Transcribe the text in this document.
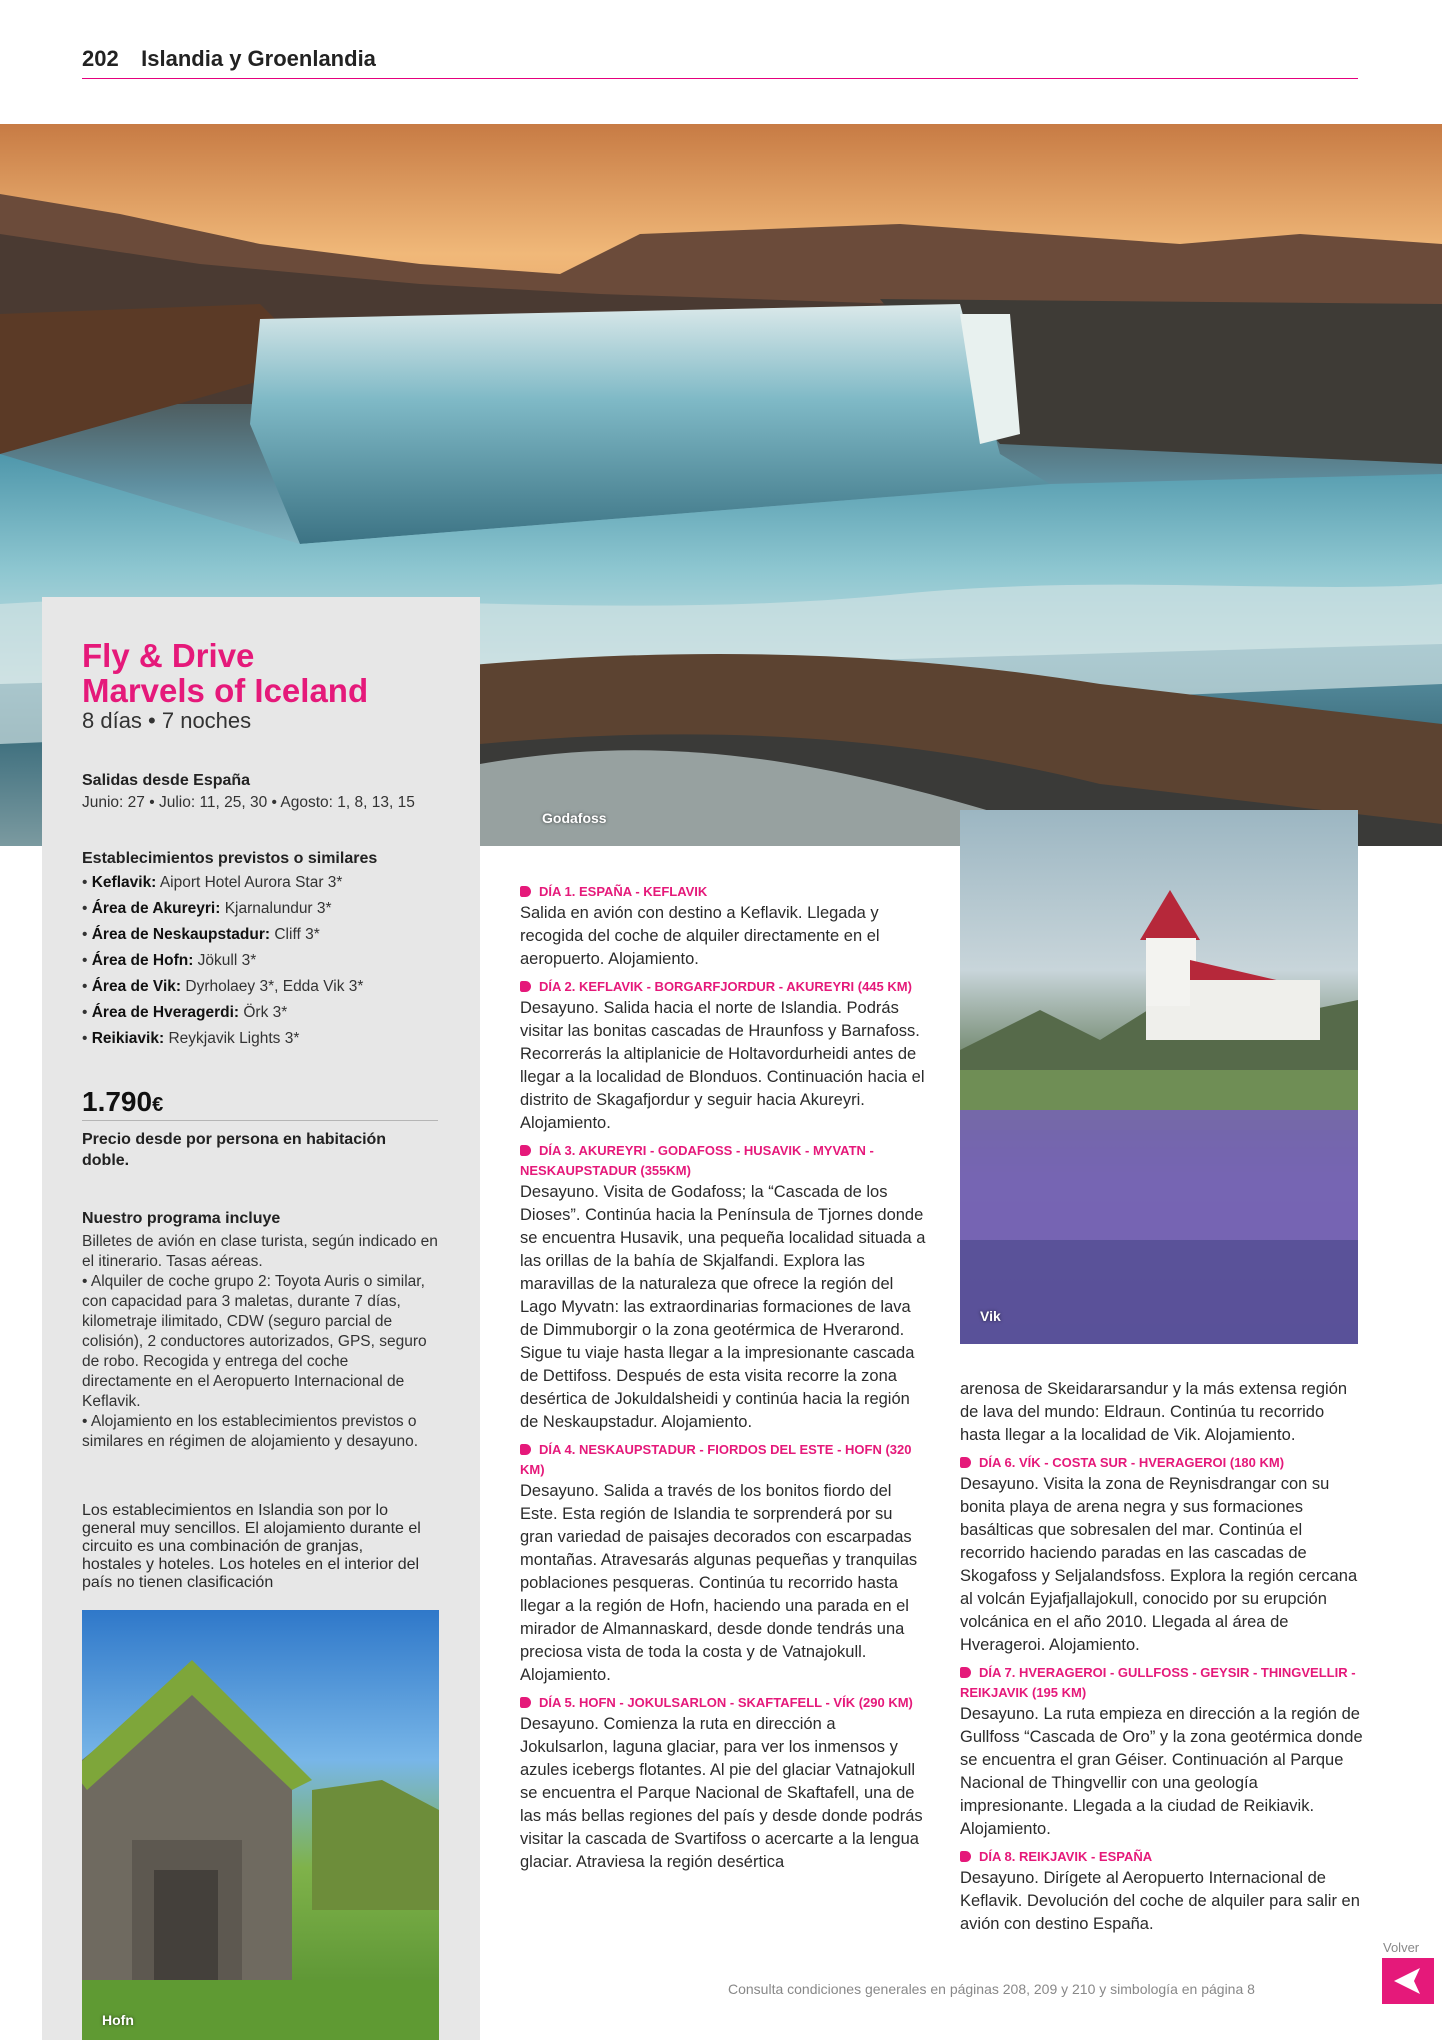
202 Islandia y Groenlandia
Godafoss
Fly & Drive
Marvels of Iceland
8 días • 7 noches
Salidas desde España
Junio: 27 • Julio: 11, 25, 30 • Agosto: 1, 8, 13, 15
Establecimientos previstos o similares
• Keflavik: Aiport Hotel Aurora Star 3*
• Área de Akureyri: Kjarnalundur 3*
• Área de Neskaupstadur: Cliff 3*
• Área de Hofn: Jökull 3*
• Área de Vik: Dyrholaey 3*, Edda Vik 3*
• Área de Hveragerdi: Örk 3*
• Reikiavik: Reykjavik Lights 3*
1.790€
Precio desde por persona en habitación doble.
Nuestro programa incluye
Billetes de avión en clase turista, según indicado en el itinerario. Tasas aéreas.
• Alquiler de coche grupo 2: Toyota Auris o similar, con capacidad para 3 maletas, durante 7 días, kilometraje ilimitado, CDW (seguro parcial de colisión), 2 conductores autorizados, GPS, seguro de robo. Recogida y entrega del coche directamente en el Aeropuerto Internacional de Keflavik.
• Alojamiento en los establecimientos previstos o similares en régimen de alojamiento y desayuno.
Los establecimientos en Islandia son por lo general muy sencillos. El alojamiento durante el circuito es una combinación de granjas, hostales y hoteles. Los hoteles en el interior del país no tienen clasificación
Hofn
Vik
DÍA 1. ESPAÑA - KEFLAVIK
Salida en avión con destino a Keflavik. Llegada y recogida del coche de alquiler directamente en el aeropuerto. Alojamiento.
DÍA 2. KEFLAVIK - BORGARFJORDUR - AKUREYRI (445 KM)
Desayuno. Salida hacia el norte de Islandia. Podrás visitar las bonitas cascadas de Hraunfoss y Barnafoss. Recorrerás la altiplanicie de Holtavordurheidi antes de llegar a la localidad de Blonduos. Continuación hacia el distrito de Skagafjordur y seguir hacia Akureyri. Alojamiento.
DÍA 3. AKUREYRI - GODAFOSS - HUSAVIK - MYVATN - NESKAUPSTADUR (355KM)
Desayuno. Visita de Godafoss; la “Cascada de los Dioses”. Continúa hacia la Península de Tjornes donde se encuentra Husavik, una pequeña localidad situada a las orillas de la bahía de Skjalfandi. Explora las maravillas de la naturaleza que ofrece la región del Lago Myvatn: las extraordinarias formaciones de lava de Dimmuborgir o la zona geotérmica de Hverarond. Sigue tu viaje hasta llegar a la impresionante cascada de Dettifoss. Después de esta visita recorre la zona desértica de Jokuldalsheidi y continúa hacia la región de Neskaupstadur. Alojamiento.
DÍA 4. NESKAUPSTADUR - FIORDOS DEL ESTE - HOFN (320 KM)
Desayuno. Salida a través de los bonitos fiordo del Este. Esta región de Islandia te sorprenderá por su gran variedad de paisajes decorados con escarpadas montañas. Atravesarás algunas pequeñas y tranquilas poblaciones pesqueras. Continúa tu recorrido hasta llegar a la región de Hofn, haciendo una parada en el mirador de Almannaskard, desde donde tendrás una preciosa vista de toda la costa y de Vatnajokull. Alojamiento.
DÍA 5. HOFN - JOKULSARLON - SKAFTAFELL - VÍK (290 KM)
Desayuno. Comienza la ruta en dirección a Jokulsarlon, laguna glaciar, para ver los inmensos y azules icebergs flotantes. Al pie del glaciar Vatnajokull se encuentra el Parque Nacional de Skaftafell, una de las más bellas regiones del país y desde donde podrás visitar la cascada de Svartifoss o acercarte a la lengua glaciar. Atraviesa la región desértica
arenosa de Skeidararsandur y la más extensa región de lava del mundo: Eldraun. Continúa tu recorrido hasta llegar a la localidad de Vik. Alojamiento.
DÍA 6. VÍK - COSTA SUR - HVERAGEROI (180 KM)
Desayuno. Visita la zona de Reynisdrangar con su bonita playa de arena negra y sus formaciones basálticas que sobresalen del mar. Continúa el recorrido haciendo paradas en las cascadas de Skogafoss y Seljalandsfoss. Explora la región cercana al volcán Eyjafjallajokull, conocido por su erupción volcánica en el año 2010. Llegada al área de Hverageroi. Alojamiento.
DÍA 7. HVERAGEROI - GULLFOSS - GEYSIR - THINGVELLIR - REIKJAVIK (195 KM)
Desayuno. La ruta empieza en dirección a la región de Gullfoss “Cascada de Oro” y la zona geotérmica donde se encuentra el gran Géiser. Continuación al Parque Nacional de Thingvellir con una geología impresionante. Llegada a la ciudad de Reikiavik. Alojamiento.
DÍA 8. REIKJAVIK - ESPAÑA
Desayuno. Dirígete al Aeropuerto Internacional de Keflavik. Devolución del coche de alquiler para salir en avión con destino España.
Consulta condiciones generales en páginas 208, 209 y 210 y simbología en página 8
Volver
